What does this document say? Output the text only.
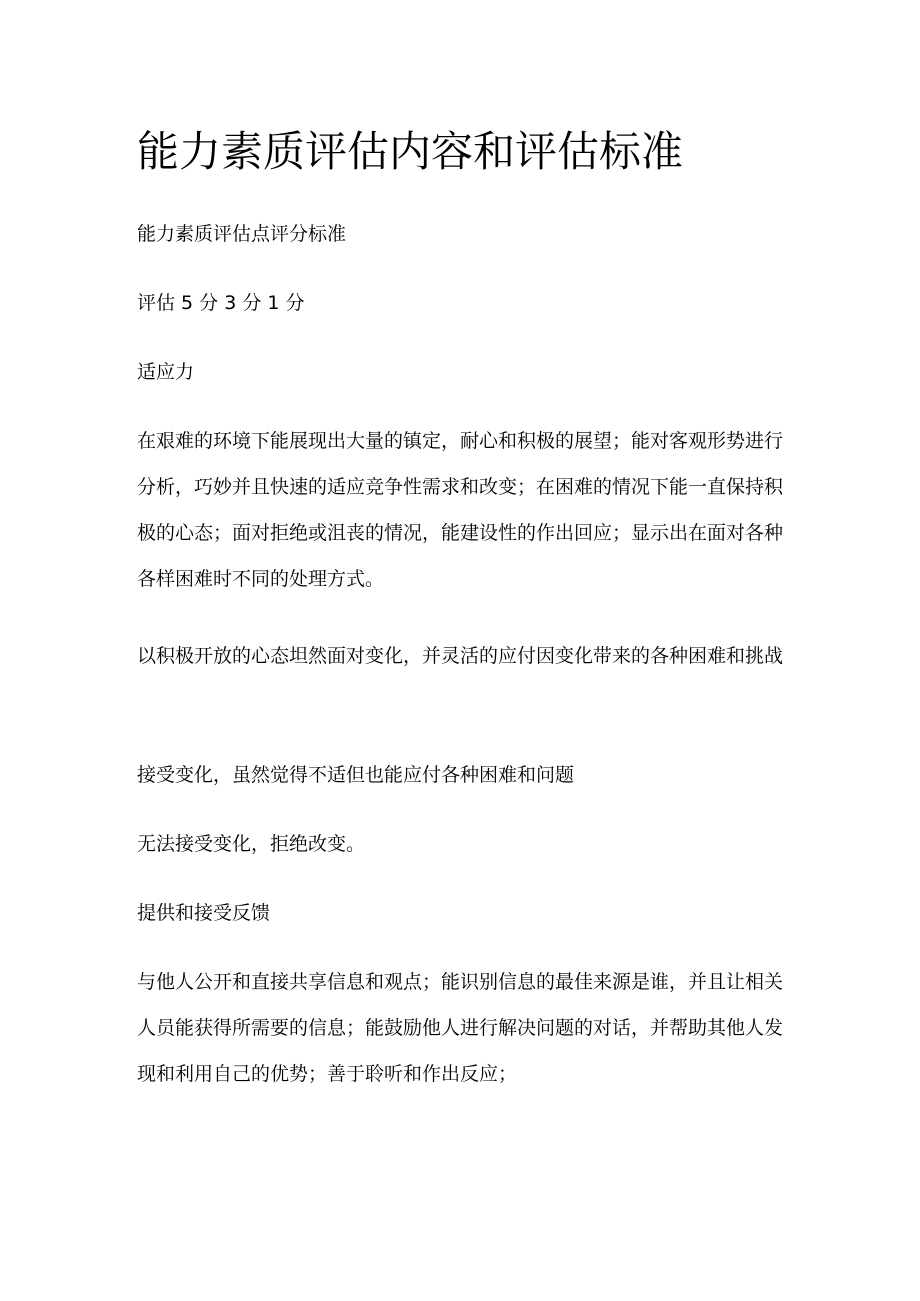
能力素质评估内容和评估标准

能力素质评估点评分标准

评估 5 分 3 分 1 分

适应力

在艰难的环境下能展现出大量的镇定，耐心和积极的展望；能对客观形势进行分析，巧妙并且快速的适应竞争性需求和改变；在困难的情况下能一直保持积极的心态；面对拒绝或沮丧的情况，能建设性的作出回应；显示出在面对各种各样困难时不同的处理方式。

以积极开放的心态坦然面对变化，并灵活的应付因变化带来的各种困难和挑战

接受变化，虽然觉得不适但也能应付各种困难和问题

无法接受变化，拒绝改变。

提供和接受反馈

与他人公开和直接共享信息和观点；能识别信息的最佳来源是谁，并且让相关人员能获得所需要的信息；能鼓励他人进行解决问题的对话，并帮助其他人发现和利用自己的优势；善于聆听和作出反应；
